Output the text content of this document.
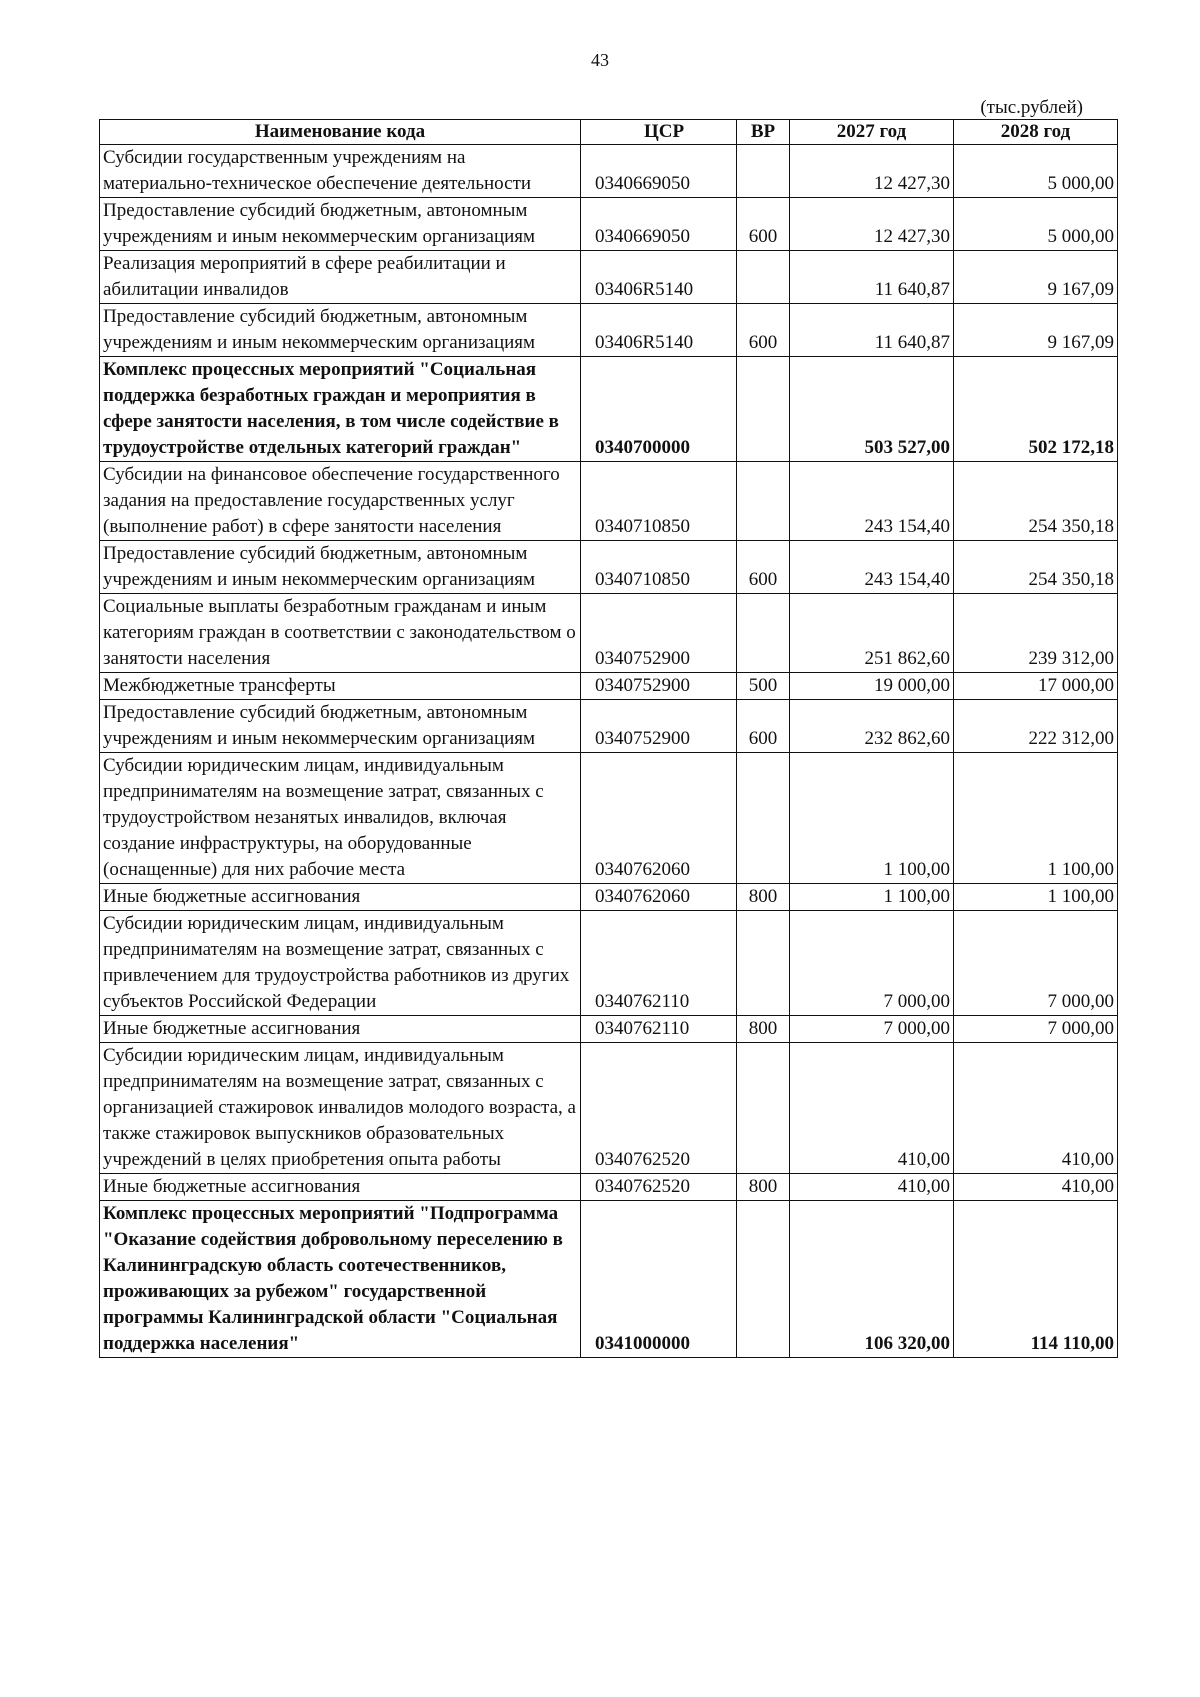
43
(тыс.рублей)
Наименование кода	ЦСР	ВР	2027 год	2028 год
Субсидии государственным учреждениям на материально-техническое обеспечение деятельности	0340669050		12 427,30	5 000,00
Предоставление субсидий бюджетным, автономным учреждениям и иным некоммерческим организациям	0340669050	600	12 427,30	5 000,00
Реализация мероприятий в сфере реабилитации и абилитации инвалидов	03406R5140		11 640,87	9 167,09
Предоставление субсидий бюджетным, автономным учреждениям и иным некоммерческим организациям	03406R5140	600	11 640,87	9 167,09
Комплекс процессных мероприятий "Социальная поддержка безработных граждан и мероприятия в сфере занятости населения, в том числе содействие в трудоустройстве отдельных категорий граждан"	0340700000		503 527,00	502 172,18
Субсидии на финансовое обеспечение государственного задания на предоставление государственных услуг (выполнение работ) в сфере занятости населения	0340710850		243 154,40	254 350,18
Предоставление субсидий бюджетным, автономным учреждениям и иным некоммерческим организациям	0340710850	600	243 154,40	254 350,18
Социальные выплаты безработным гражданам и иным категориям граждан в соответствии с законодательством о занятости населения	0340752900		251 862,60	239 312,00
Межбюджетные трансферты	0340752900	500	19 000,00	17 000,00
Предоставление субсидий бюджетным, автономным учреждениям и иным некоммерческим организациям	0340752900	600	232 862,60	222 312,00
Субсидии юридическим лицам, индивидуальным предпринимателям на возмещение затрат, связанных с трудоустройством незанятых инвалидов, включая создание инфраструктуры, на оборудованные (оснащенные) для них рабочие места	0340762060		1 100,00	1 100,00
Иные бюджетные ассигнования	0340762060	800	1 100,00	1 100,00
Субсидии юридическим лицам, индивидуальным предпринимателям на возмещение затрат, связанных с привлечением для трудоустройства работников из других субъектов Российской Федерации	0340762110		7 000,00	7 000,00
Иные бюджетные ассигнования	0340762110	800	7 000,00	7 000,00
Субсидии юридическим лицам, индивидуальным предпринимателям на возмещение затрат, связанных с организацией стажировок инвалидов молодого возраста, а также стажировок выпускников образовательных учреждений в целях приобретения опыта работы	0340762520		410,00	410,00
Иные бюджетные ассигнования	0340762520	800	410,00	410,00
Комплекс процессных мероприятий "Подпрограмма "Оказание содействия добровольному переселению в Калининградскую область соотечественников, проживающих за рубежом" государственной программы Калининградской области "Социальная поддержка населения"	0341000000		106 320,00	114 110,00
